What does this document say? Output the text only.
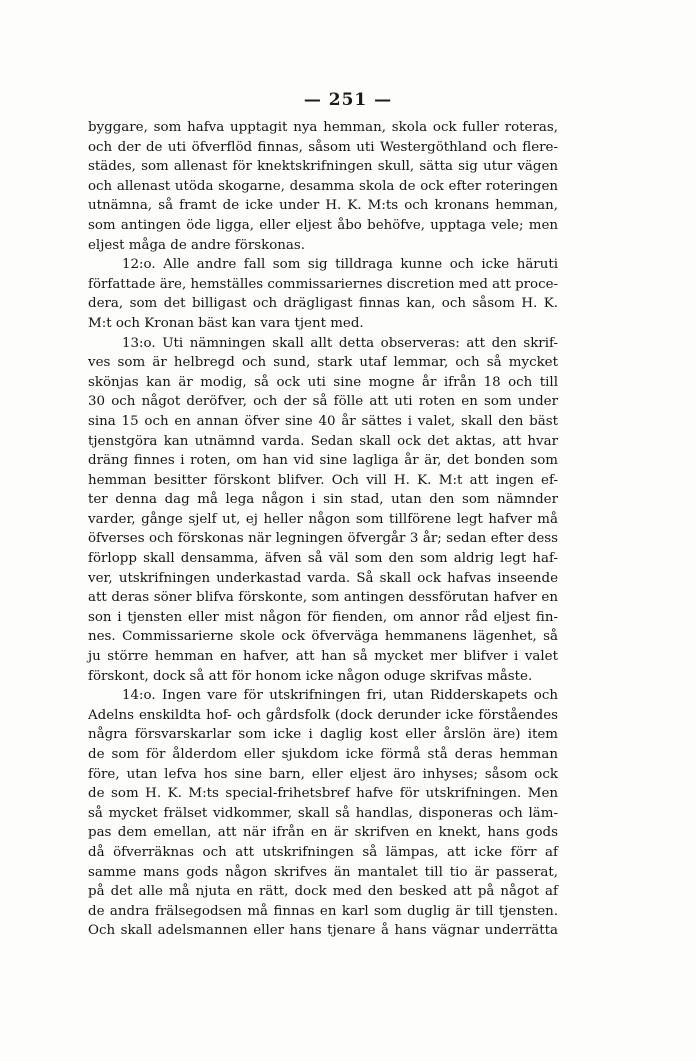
— 251 —
byggare, som hafva upptagit nya hemman, skola ock fuller roteras,
och der de uti öfverflöd finnas, såsom uti Westergöthland och flere-
städes, som allenast för knektskrifningen skull, sätta sig utur vägen
och allenast utöda skogarne, desamma skola de ock efter roteringen
utnämna, så framt de icke under H. K. M:ts och kronans hemman,
som antingen öde ligga, eller eljest åbo behöfve, upptaga vele; men
eljest måga de andre förskonas.
12:o. Alle andre fall som sig tilldraga kunne och icke häruti
författade äre, hemställes commissariernes discretion med att proce-
dera, som det billigast och drägligast finnas kan, och såsom H. K.
M:t och Kronan bäst kan vara tjent med.
13:o. Uti nämningen skall allt detta observeras: att den skrif-
ves som är helbregd och sund, stark utaf lemmar, och så mycket
skönjas kan är modig, så ock uti sine mogne år ifrån 18 och till
30 och något deröfver, och der så fölle att uti roten en som under
sina 15 och en annan öfver sine 40 år sättes i valet, skall den bäst
tjenstgöra kan utnämnd varda. Sedan skall ock det aktas, att hvar
dräng finnes i roten, om han vid sine lagliga år är, det bonden som
hemman besitter förskont blifver. Och vill H. K. M:t att ingen ef-
ter denna dag må lega någon i sin stad, utan den som nämnder
varder, gånge sjelf ut, ej heller någon som tillförene legt hafver må
öfverses och förskonas när legningen öfvergår 3 år; sedan efter dess
förlopp skall densamma, äfven så väl som den som aldrig legt haf-
ver, utskrifningen underkastad varda. Så skall ock hafvas inseende
att deras söner blifva förskonte, som antingen dessförutan hafver en
son i tjensten eller mist någon för fienden, om annor råd eljest fin-
nes. Commissarierne skole ock öfverväga hemmanens lägenhet, så
ju större hemman en hafver, att han så mycket mer blifver i valet
förskont, dock så att för honom icke någon oduge skrifvas måste.
14:o. Ingen vare för utskrifningen fri, utan Ridderskapets och
Adelns enskildta hof- och gårdsfolk (dock derunder icke förståendes
några försvarskarlar som icke i daglig kost eller årslön äre) item
de som för ålderdom eller sjukdom icke förmå stå deras hemman
före, utan lefva hos sine barn, eller eljest äro inhyses; såsom ock
de som H. K. M:ts special-frihetsbref hafve för utskrifningen. Men
så mycket frälset vidkommer, skall så handlas, disponeras och läm-
pas dem emellan, att när ifrån en är skrifven en knekt, hans gods
då öfverräknas och att utskrifningen så lämpas, att icke förr af
samme mans gods någon skrifves än mantalet till tio är passerat,
på det alle må njuta en rätt, dock med den besked att på något af
de andra frälsegodsen må finnas en karl som duglig är till tjensten.
Och skall adelsmannen eller hans tjenare å hans vägnar underrätta
